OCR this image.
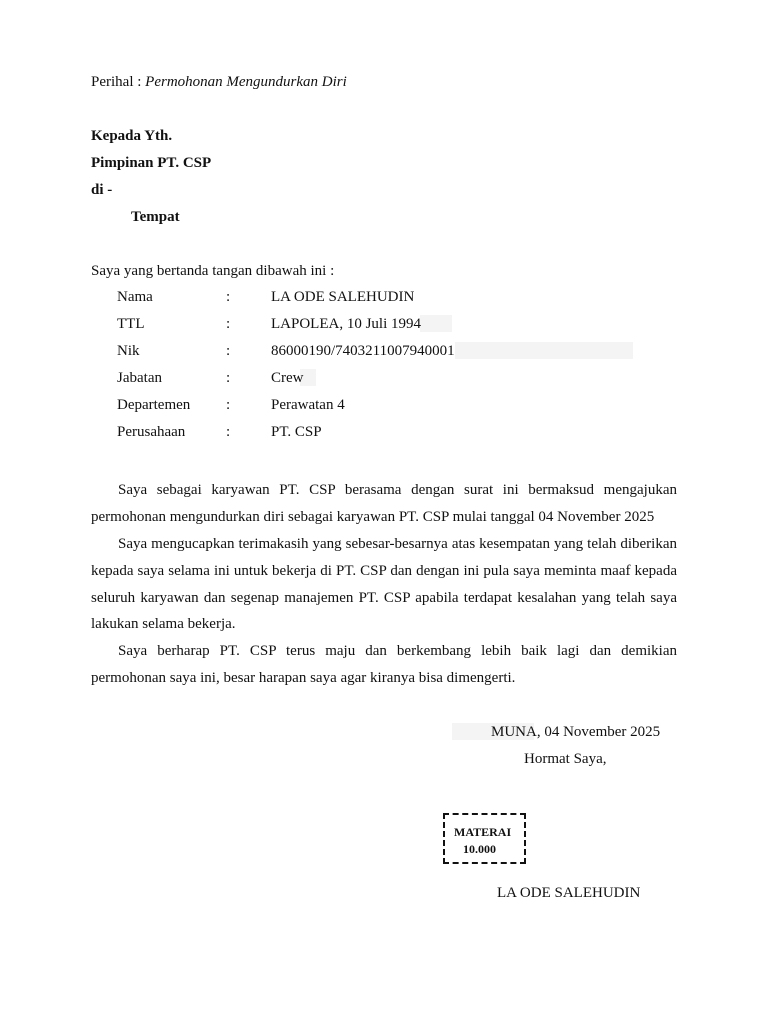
Perihal : Permohonan Mengundurkan Diri
Kepada Yth.
Pimpinan PT. CSP
di -
Tempat
Saya yang bertanda tangan dibawah ini :
Nama	:	LA ODE SALEHUDIN
TTL	:	LAPOLEA, 10 Juli 1994
Nik	:	86000190/7403211007940001
Jabatan	:	Crew
Departemen :	Perawatan 4
Perusahaan	:	PT. CSP

Saya sebagai karyawan PT. CSP berasama dengan surat ini bermaksud mengajukan permohonan mengundurkan diri sebagai karyawan PT. CSP mulai tanggal 04 November 2025

Saya mengucapkan terimakasih yang sebesar-besarnya atas kesempatan yang telah diberikan kepada saya selama ini untuk bekerja di PT. CSP dan dengan ini pula saya meminta maaf kepada seluruh karyawan dan segenap manajemen PT. CSP apabila terdapat kesalahan yang telah saya lakukan selama bekerja.

Saya berharap PT. CSP terus maju dan berkembang lebih baik lagi dan demikian permohonan saya ini, besar harapan saya agar kiranya bisa dimengerti.

MUNA, 04 November 2025
Hormat Saya,
MATERAI
10.000
LA ODE SALEHUDIN
